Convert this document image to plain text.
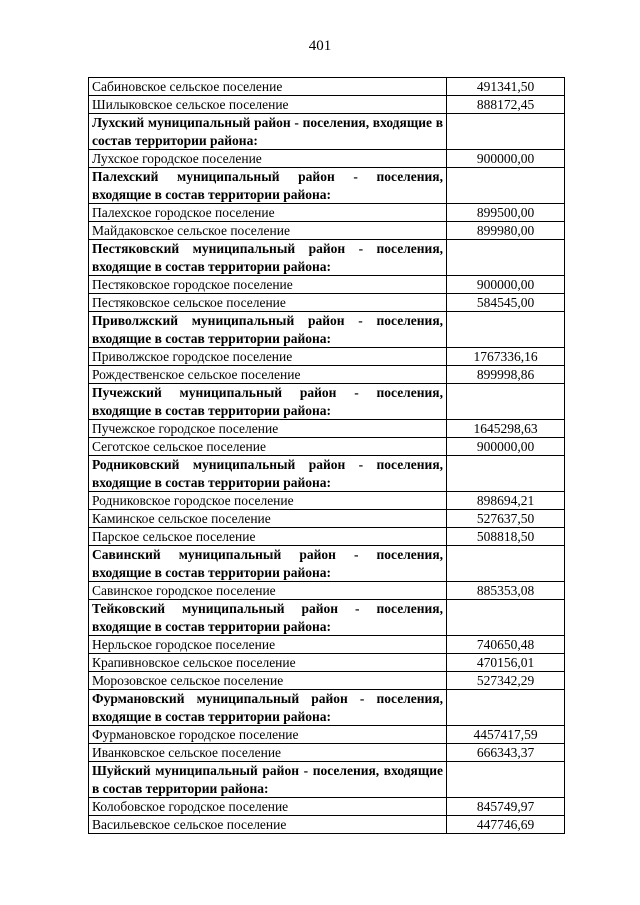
401
Сабиновское сельское поселение	491341,50
Шилыковское сельское поселение	888172,45
Лухский муниципальный район - поселения, входящие в состав территории района:	
Лухское городское поселение	900000,00
Палехский муниципальный район - поселения, входящие в состав территории района:	
Палехское городское поселение	899500,00
Майдаковское сельское поселение	899980,00
Пестяковский муниципальный район - поселения, входящие в состав территории района:	
Пестяковское городское поселение	900000,00
Пестяковское сельское поселение	584545,00
Приволжский муниципальный район - поселения, входящие в состав территории района:	
Приволжское городское поселение	1767336,16
Рождественское сельское поселение	899998,86
Пучежский муниципальный район - поселения, входящие в состав территории района:	
Пучежское городское поселение	1645298,63
Сеготское сельское поселение	900000,00
Родниковский муниципальный район - поселения, входящие в состав территории района:	
Родниковское городское поселение	898694,21
Каминское сельское поселение	527637,50
Парское сельское поселение	508818,50
Савинский муниципальный район - поселения, входящие в состав территории района:	
Савинское городское поселение	885353,08
Тейковский муниципальный район - поселения, входящие в состав территории района:	
Нерльское городское поселение	740650,48
Крапивновское сельское поселение	470156,01
Морозовское сельское поселение	527342,29
Фурмановский муниципальный район - поселения, входящие в состав территории района:	
Фурмановское городское поселение	4457417,59
Иванковское сельское поселение	666343,37
Шуйский муниципальный район - поселения, входящие в состав территории района:	
Колобовское городское поселение	845749,97
Васильевское сельское поселение	447746,69
